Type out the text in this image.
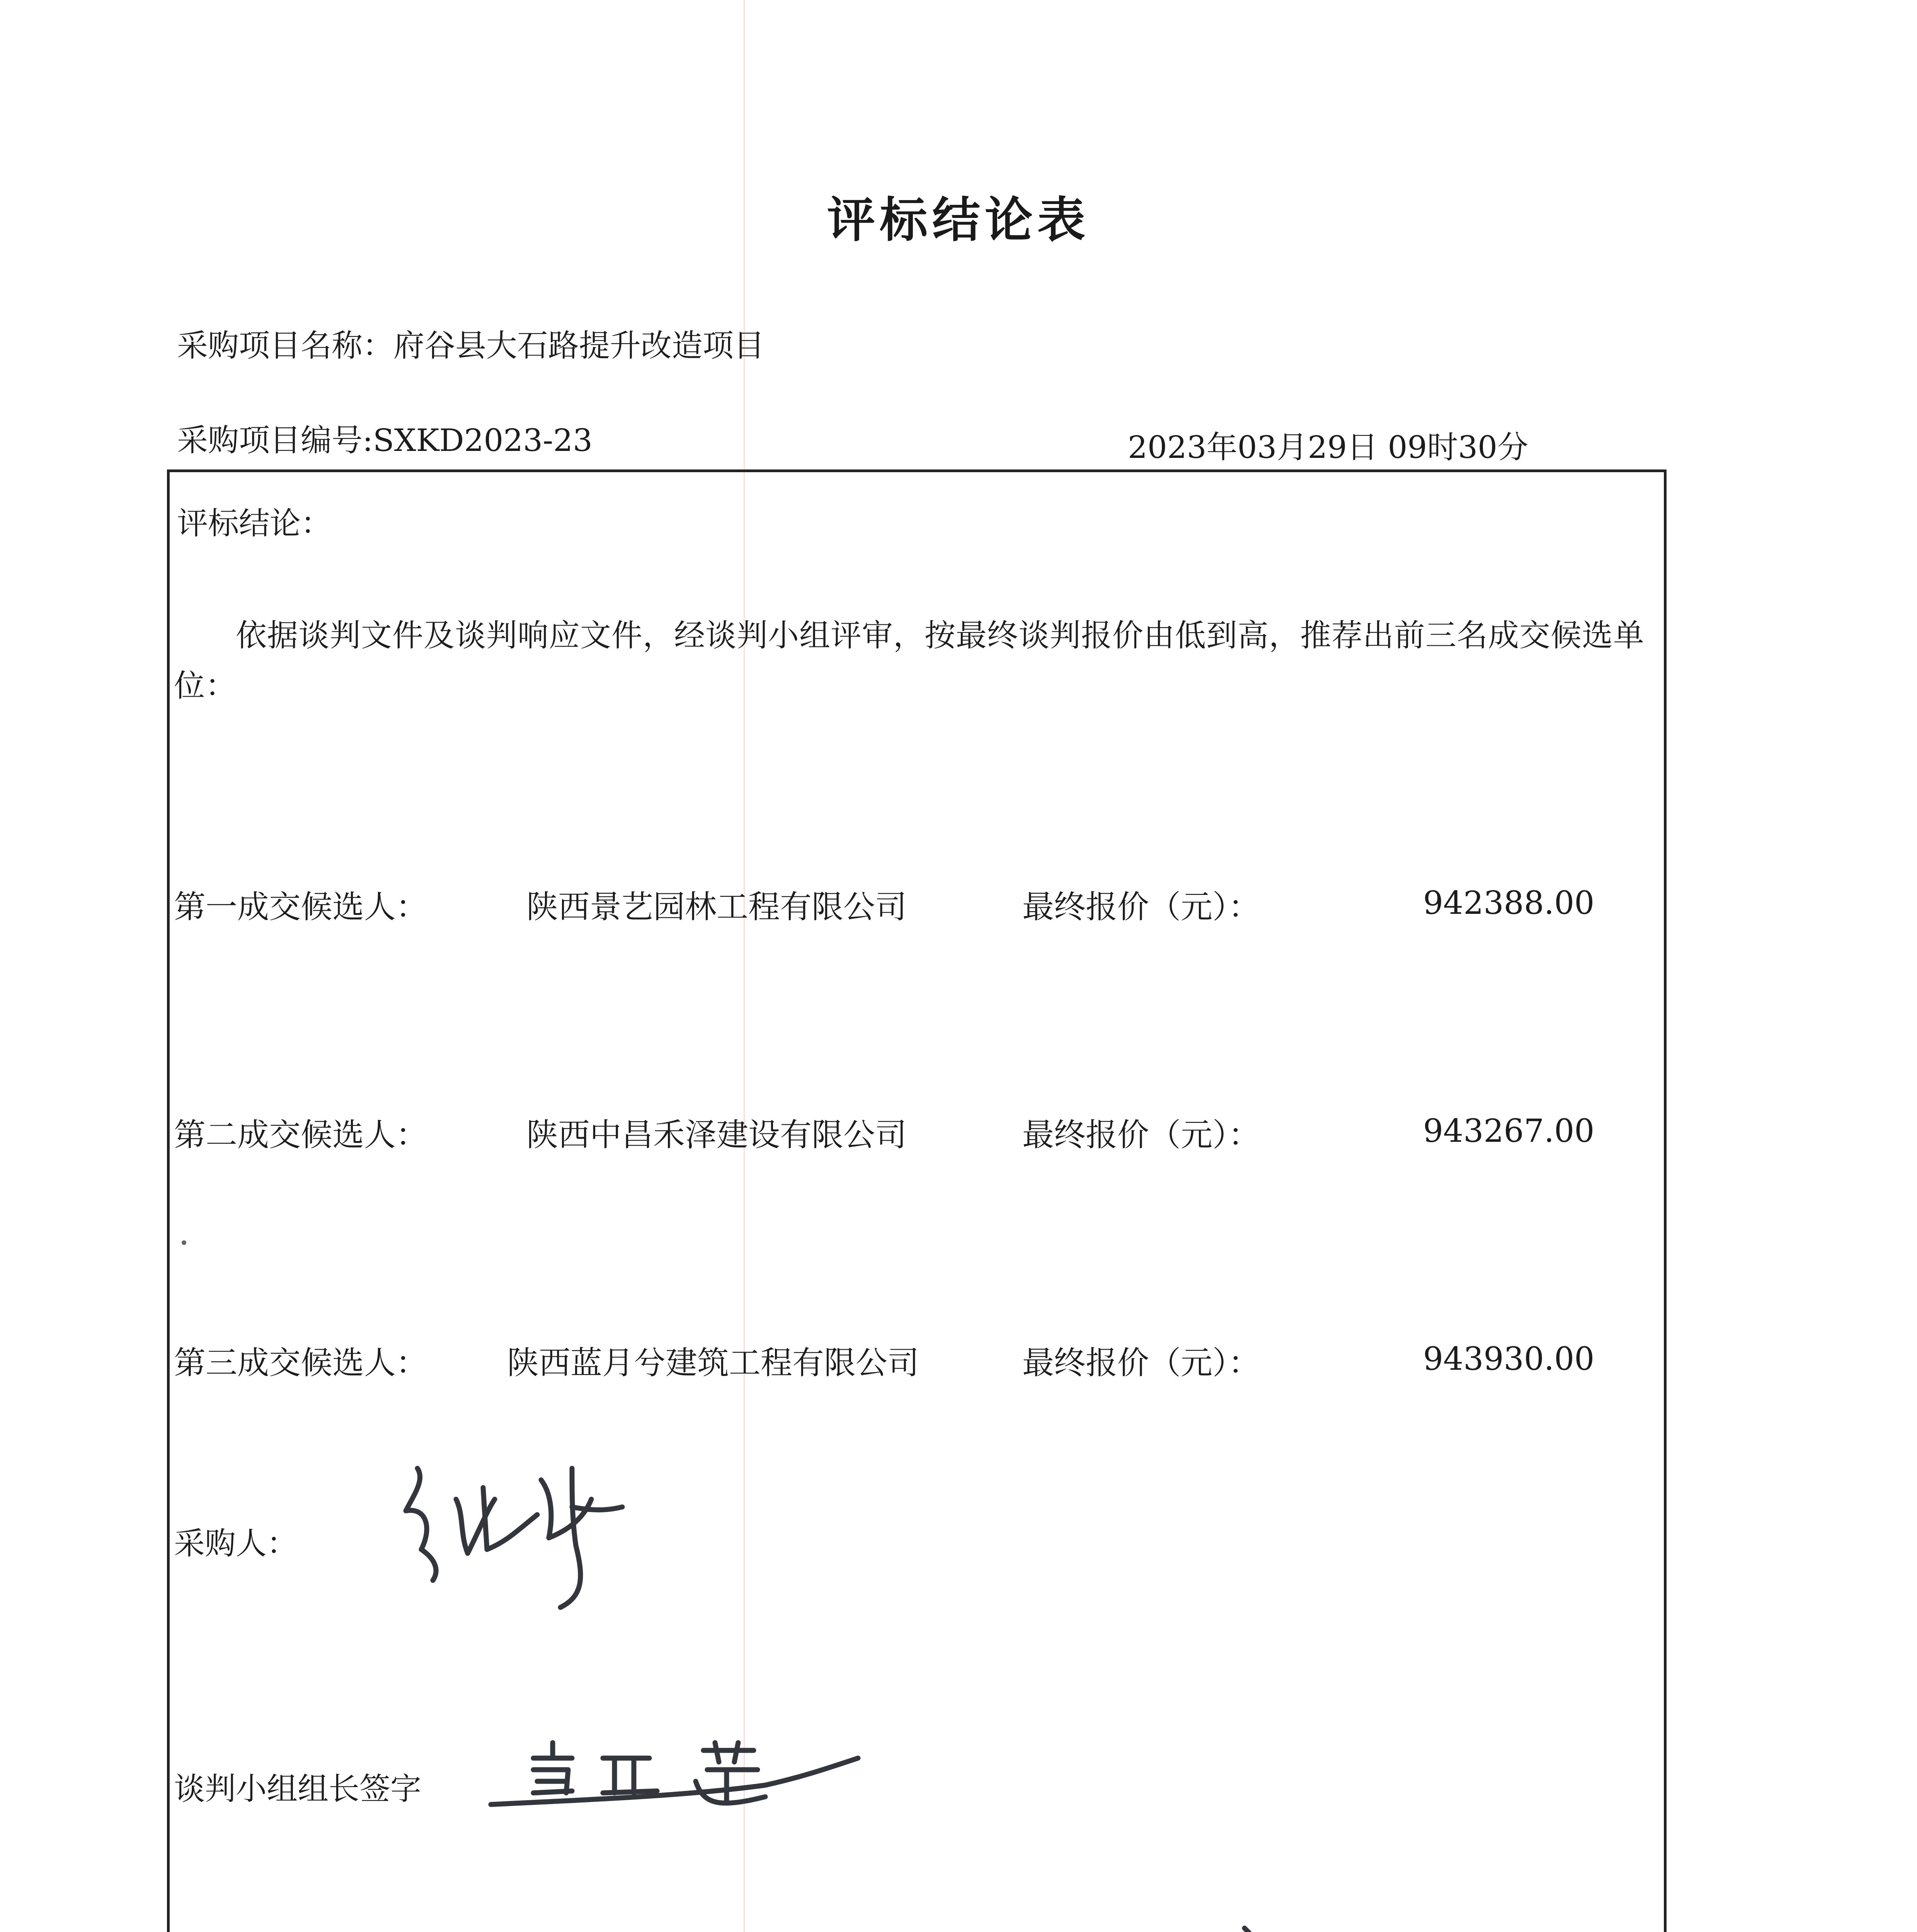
评标结论表
采购项目名称：府谷县大石路提升改造项目
采购项目编号:SXKD2023-23	2023年03月29日 09时30分
评标结论：
依据谈判文件及谈判响应文件，经谈判小组评审，按最终谈判报价由低到高，推荐出前三名成交候选单位：
第一成交候选人：	陕西景艺园林工程有限公司	最终报价（元）：	942388.00
第二成交候选人：	陕西中昌禾泽建设有限公司	最终报价（元）：	943267.00
第三成交候选人：	陕西蓝月兮建筑工程有限公司	最终报价（元）：	943930.00
采购人：
谈判小组组长签字
